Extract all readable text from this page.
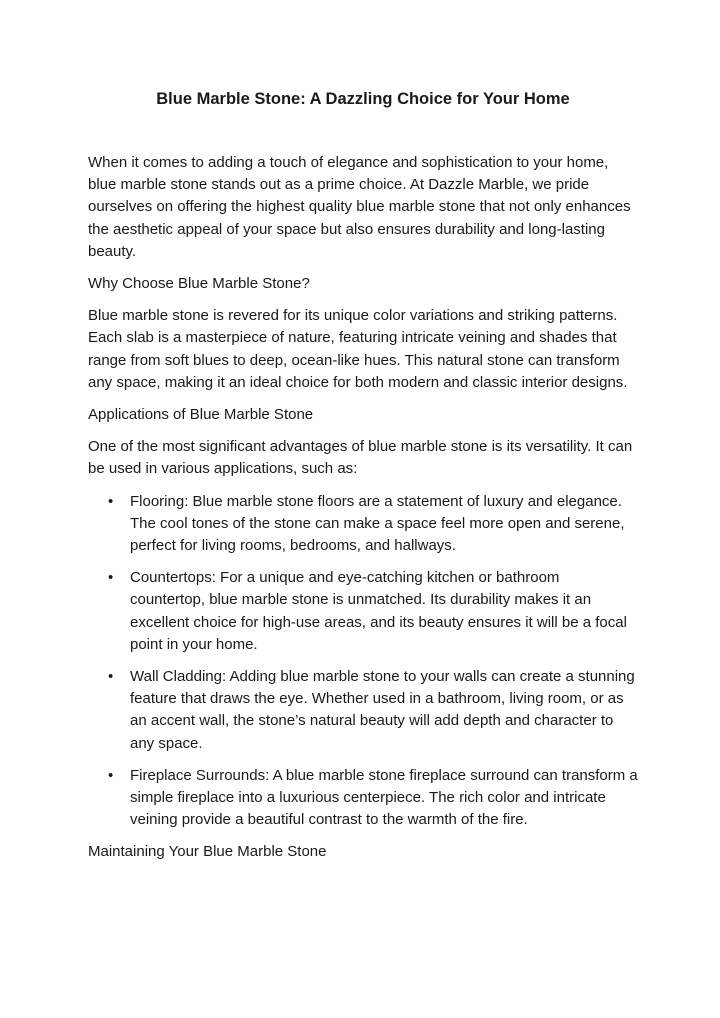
Blue Marble Stone: A Dazzling Choice for Your Home

When it comes to adding a touch of elegance and sophistication to your home, blue marble stone stands out as a prime choice. At Dazzle Marble, we pride ourselves on offering the highest quality blue marble stone that not only enhances the aesthetic appeal of your space but also ensures durability and long-lasting beauty.

Why Choose Blue Marble Stone?

Blue marble stone is revered for its unique color variations and striking patterns. Each slab is a masterpiece of nature, featuring intricate veining and shades that range from soft blues to deep, ocean-like hues. This natural stone can transform any space, making it an ideal choice for both modern and classic interior designs.

Applications of Blue Marble Stone

One of the most significant advantages of blue marble stone is its versatility. It can be used in various applications, such as:

• Flooring: Blue marble stone floors are a statement of luxury and elegance. The cool tones of the stone can make a space feel more open and serene, perfect for living rooms, bedrooms, and hallways.
• Countertops: For a unique and eye-catching kitchen or bathroom countertop, blue marble stone is unmatched. Its durability makes it an excellent choice for high-use areas, and its beauty ensures it will be a focal point in your home.
• Wall Cladding: Adding blue marble stone to your walls can create a stunning feature that draws the eye. Whether used in a bathroom, living room, or as an accent wall, the stone’s natural beauty will add depth and character to any space.
• Fireplace Surrounds: A blue marble stone fireplace surround can transform a simple fireplace into a luxurious centerpiece. The rich color and intricate veining provide a beautiful contrast to the warmth of the fire.

Maintaining Your Blue Marble Stone
